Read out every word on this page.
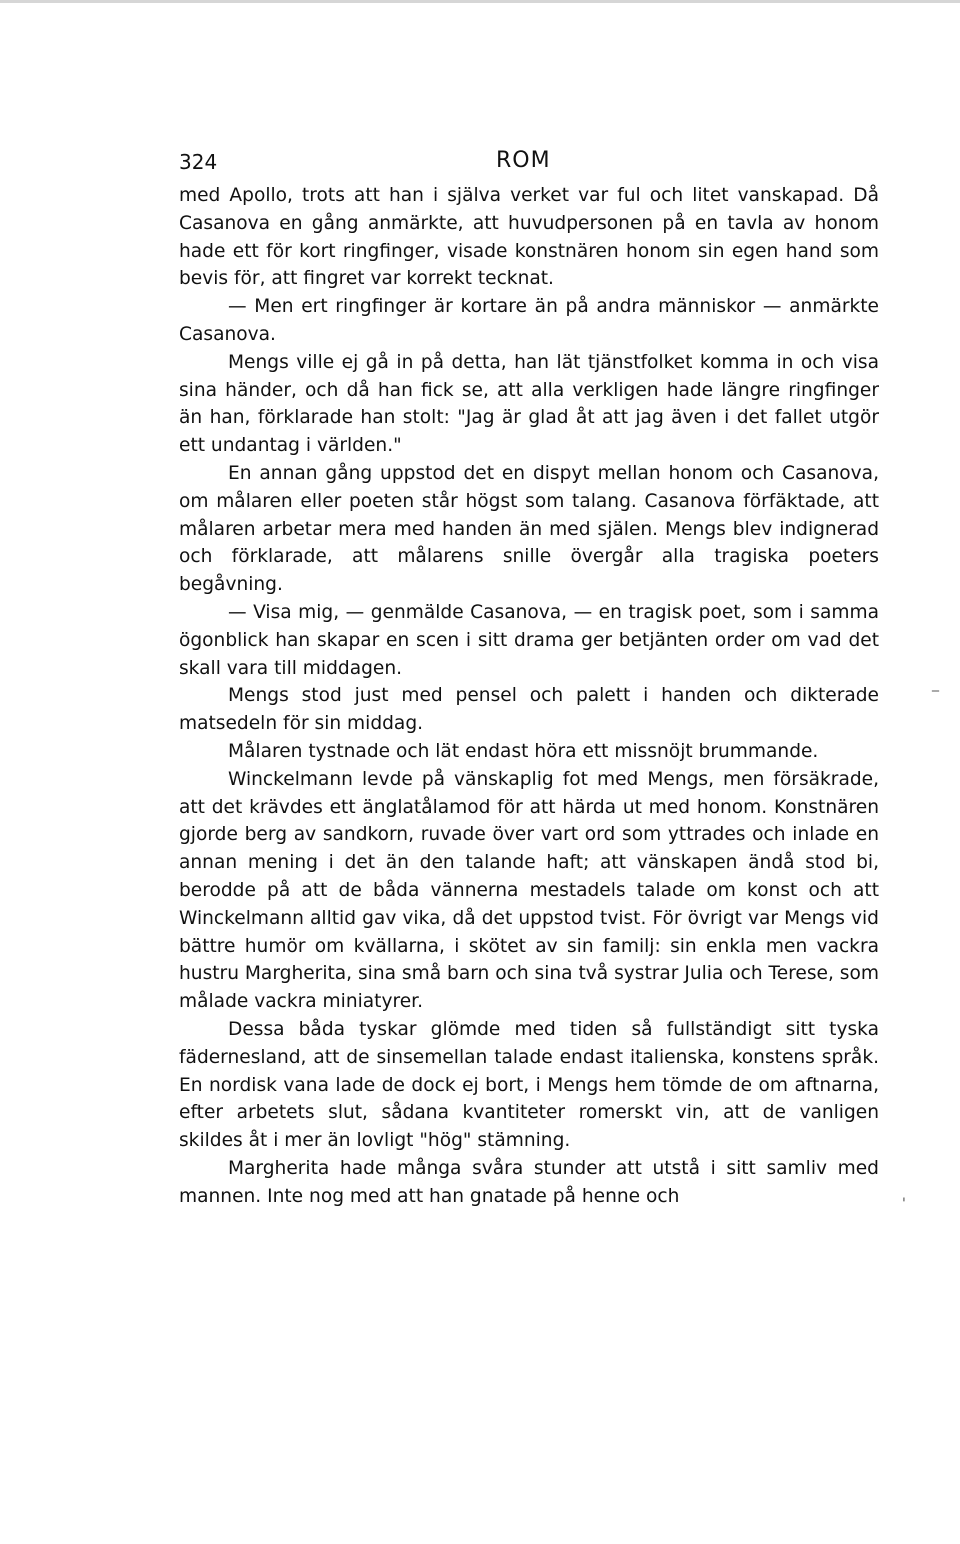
324	ROM

med Apollo, trots att han i själva verket var ful och litet vanskapad. Då Casanova en gång anmärkte, att huvudpersonen på en tavla av honom hade ett för kort ringfinger, visade konstnären honom sin egen hand som bevis för, att fingret var korrekt tecknat.

— Men ert ringfinger är kortare än på andra människor — anmärkte Casanova.

Mengs ville ej gå in på detta, han lät tjänstfolket komma in och visa sina händer, och då han fick se, att alla verkligen hade längre ringfinger än han, förklarade han stolt: "Jag är glad åt att jag även i det fallet utgör ett undantag i världen."

En annan gång uppstod det en dispyt mellan honom och Casanova, om målaren eller poeten står högst som talang. Casanova förfäktade, att målaren arbetar mera med handen än med själen. Mengs blev indignerad och förklarade, att målarens snille övergår alla tragiska poeters begåvning.

— Visa mig, — genmälde Casanova, — en tragisk poet, som i samma ögonblick han skapar en scen i sitt drama ger betjänten order om vad det skall vara till middagen.

Mengs stod just med pensel och palett i handen och dikterade matsedeln för sin middag.

Målaren tystnade och lät endast höra ett missnöjt brummande.

Winckelmann levde på vänskaplig fot med Mengs, men försäkrade, att det krävdes ett änglatålamod för att härda ut med honom. Konstnären gjorde berg av sandkorn, ruvade över vart ord som yttrades och inlade en annan mening i det än den talande haft; att vänskapen ändå stod bi, berodde på att de båda vännerna mestadels talade om konst och att Winckelmann alltid gav vika, då det uppstod tvist. För övrigt var Mengs vid bättre humör om kvällarna, i skötet av sin familj: sin enkla men vackra hustru Margherita, sina små barn och sina två systrar Julia och Terese, som målade vackra miniatyrer.

Dessa båda tyskar glömde med tiden så fullständigt sitt tyska fädernesland, att de sinsemellan talade endast italienska, konstens språk. En nordisk vana lade de dock ej bort, i Mengs hem tömde de om aftnarna, efter arbetets slut, sådana kvantiteter romerskt vin, att de vanligen skildes åt i mer än lovligt "hög" stämning.

Margherita hade många svåra stunder att utstå i sitt samliv med mannen. Inte nog med att han gnatade på henne och

_
'
